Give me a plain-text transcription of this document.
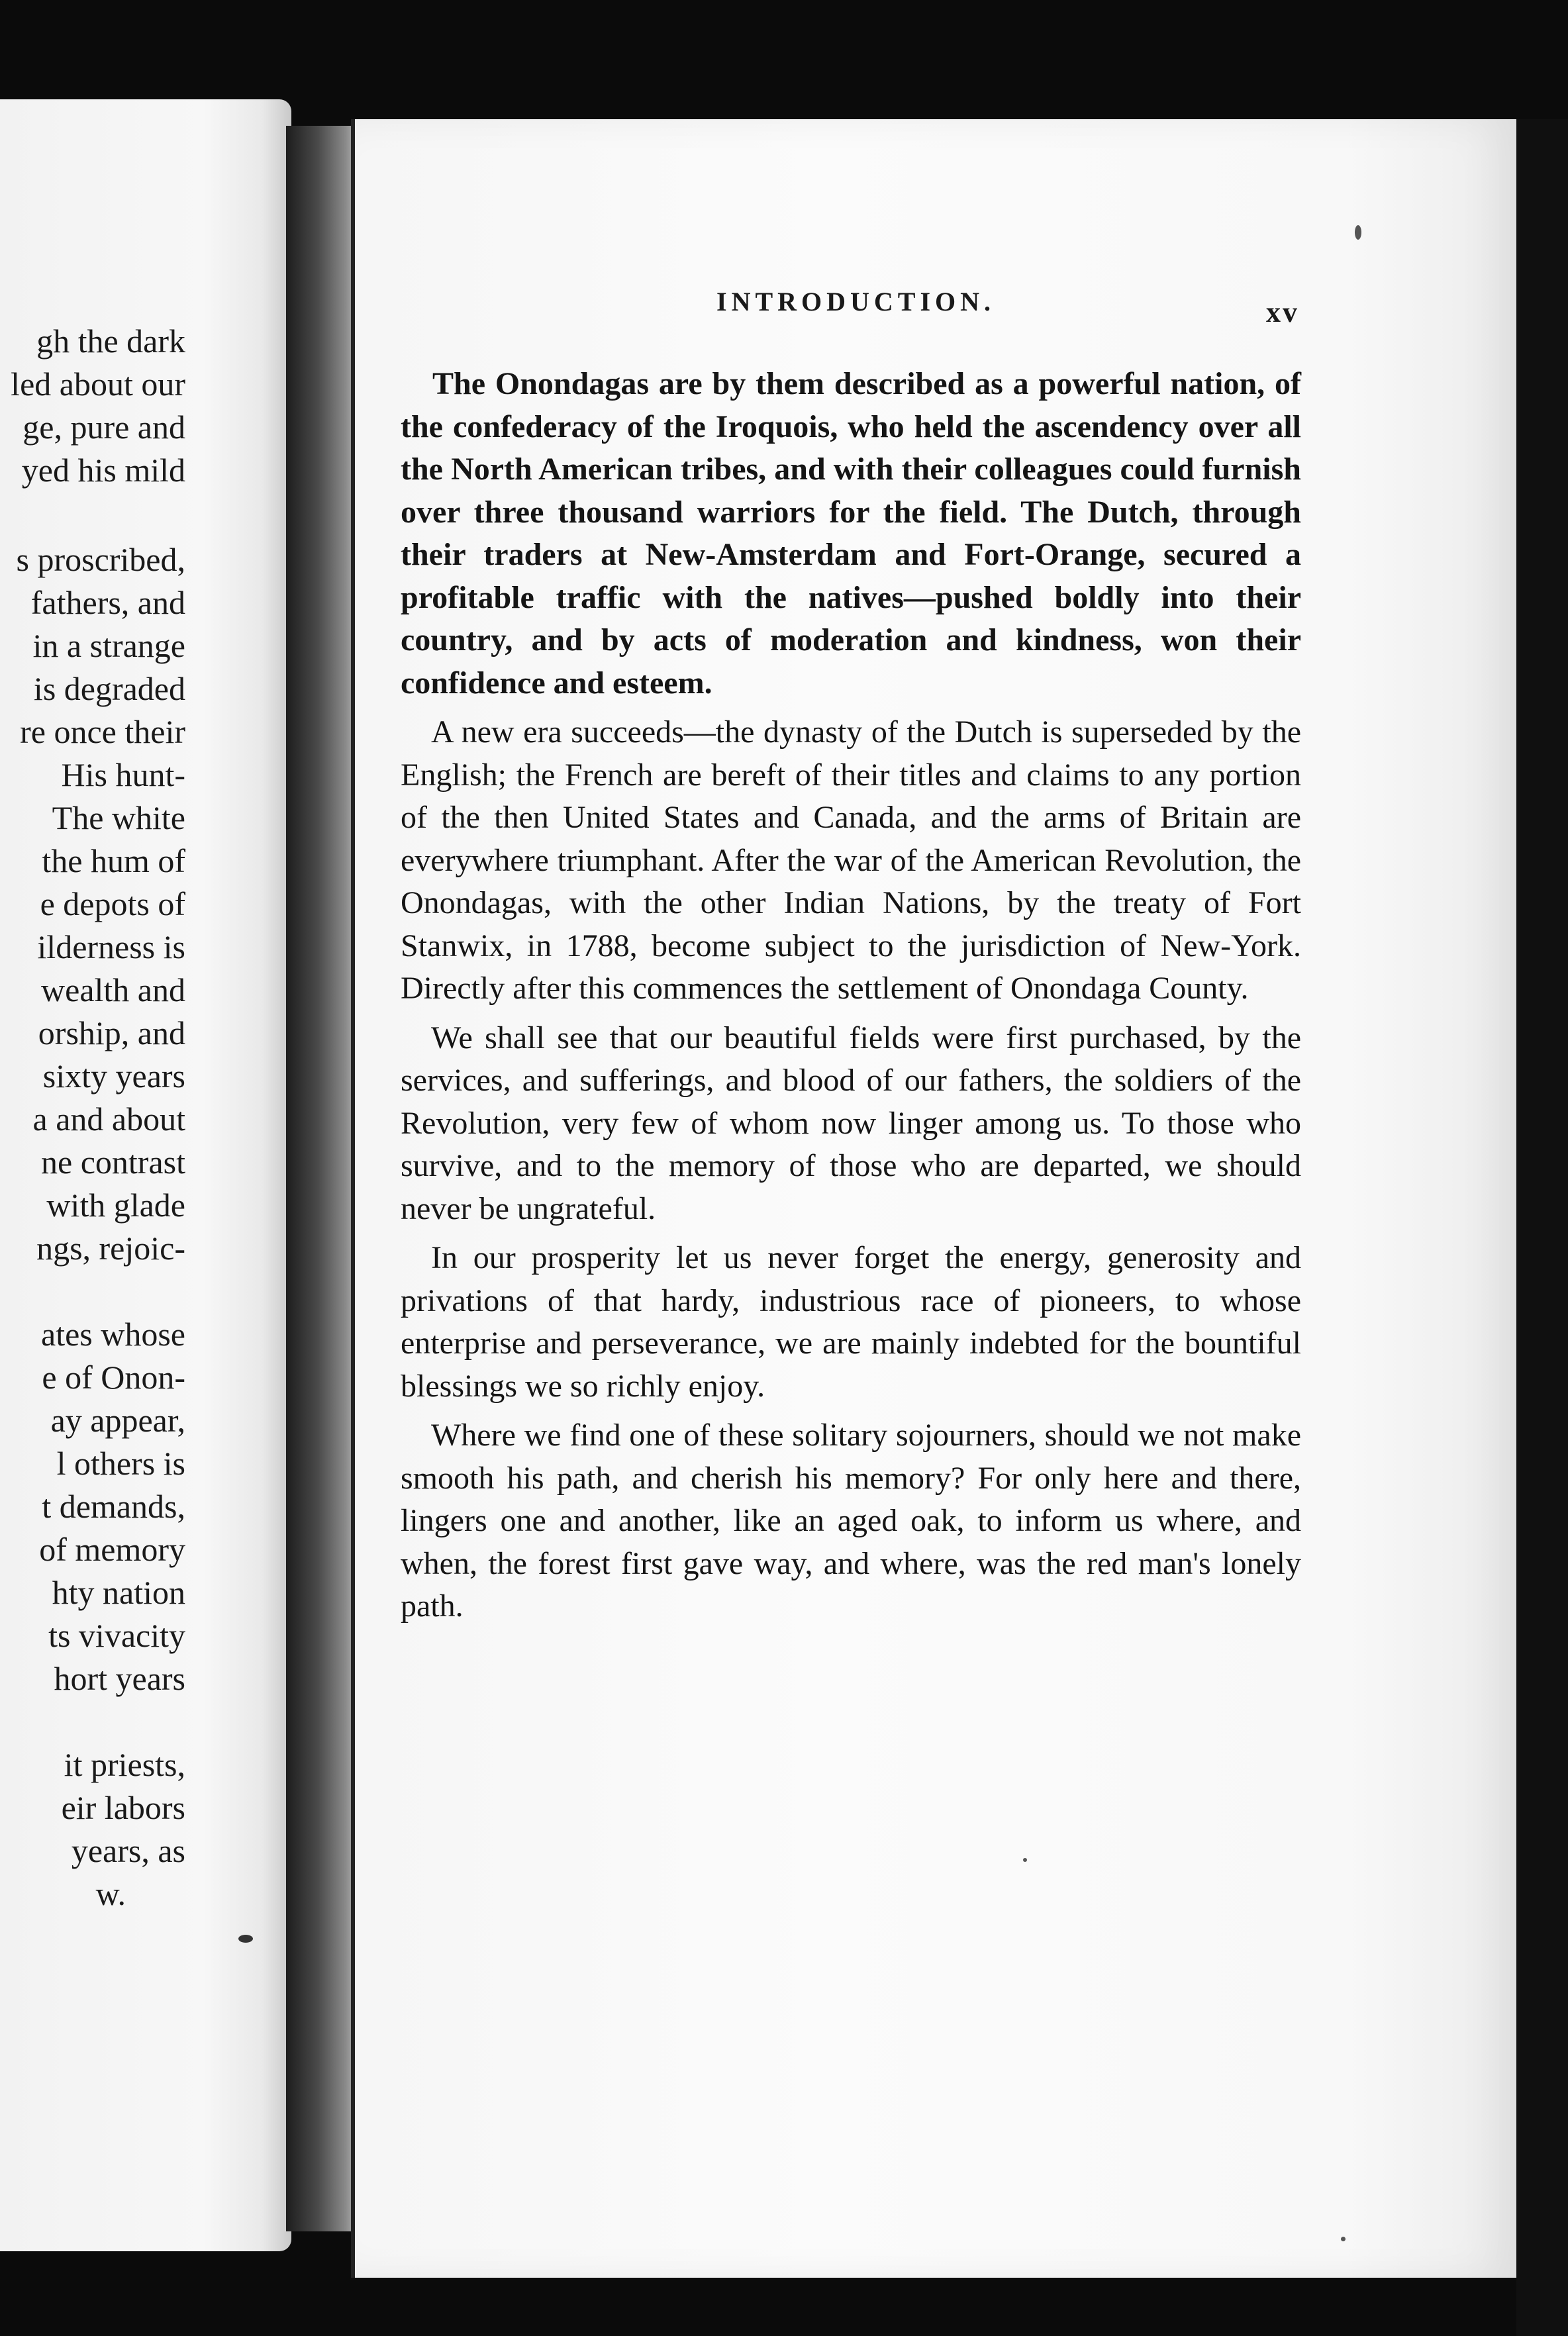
gh the dark
led about our
ge, pure and
yed his mild
s proscribed,
fathers, and
in a strange
is degraded
re once their
His hunt-
The white
the hum of
e depots of
ilderness is
wealth and
orship, and
sixty years
a and about
ne contrast
with glade
ngs, rejoic-
ates whose
e of Onon-
ay appear,
l others is
t demands,
of memory
hty nation
ts vivacity
hort years
it priests,
eir labors
years, as
w.
INTRODUCTION.	xv

The Onondagas are by them described as a powerful nation, of the confederacy of the Iroquois, who held the ascendency over all the North American tribes, and with their colleagues could furnish over three thousand warriors for the field. The Dutch, through their traders at New-Amsterdam and Fort-Orange, secured a profitable traffic with the natives—pushed boldly into their country, and by acts of moderation and kindness, won their confidence and esteem.

A new era succeeds—the dynasty of the Dutch is superseded by the English; the French are bereft of their titles and claims to any portion of the then United States and Canada, and the arms of Britain are everywhere triumphant. After the war of the American Revolution, the Onondagas, with the other Indian Nations, by the treaty of Fort Stanwix, in 1788, become subject to the jurisdiction of New-York. Directly after this commences the settlement of Onondaga County.

We shall see that our beautiful fields were first purchased, by the services, and sufferings, and blood of our fathers, the soldiers of the Revolution, very few of whom now linger among us. To those who survive, and to the memory of those who are departed, we should never be ungrateful.

In our prosperity let us never forget the energy, generosity and privations of that hardy, industrious race of pioneers, to whose enterprise and perseverance, we are mainly indebted for the bountiful blessings we so richly enjoy.

Where we find one of these solitary sojourners, should we not make smooth his path, and cherish his memory? For only here and there, lingers one and another, like an aged oak, to inform us where, and when, the forest first gave way, and where, was the red man's lonely path.
